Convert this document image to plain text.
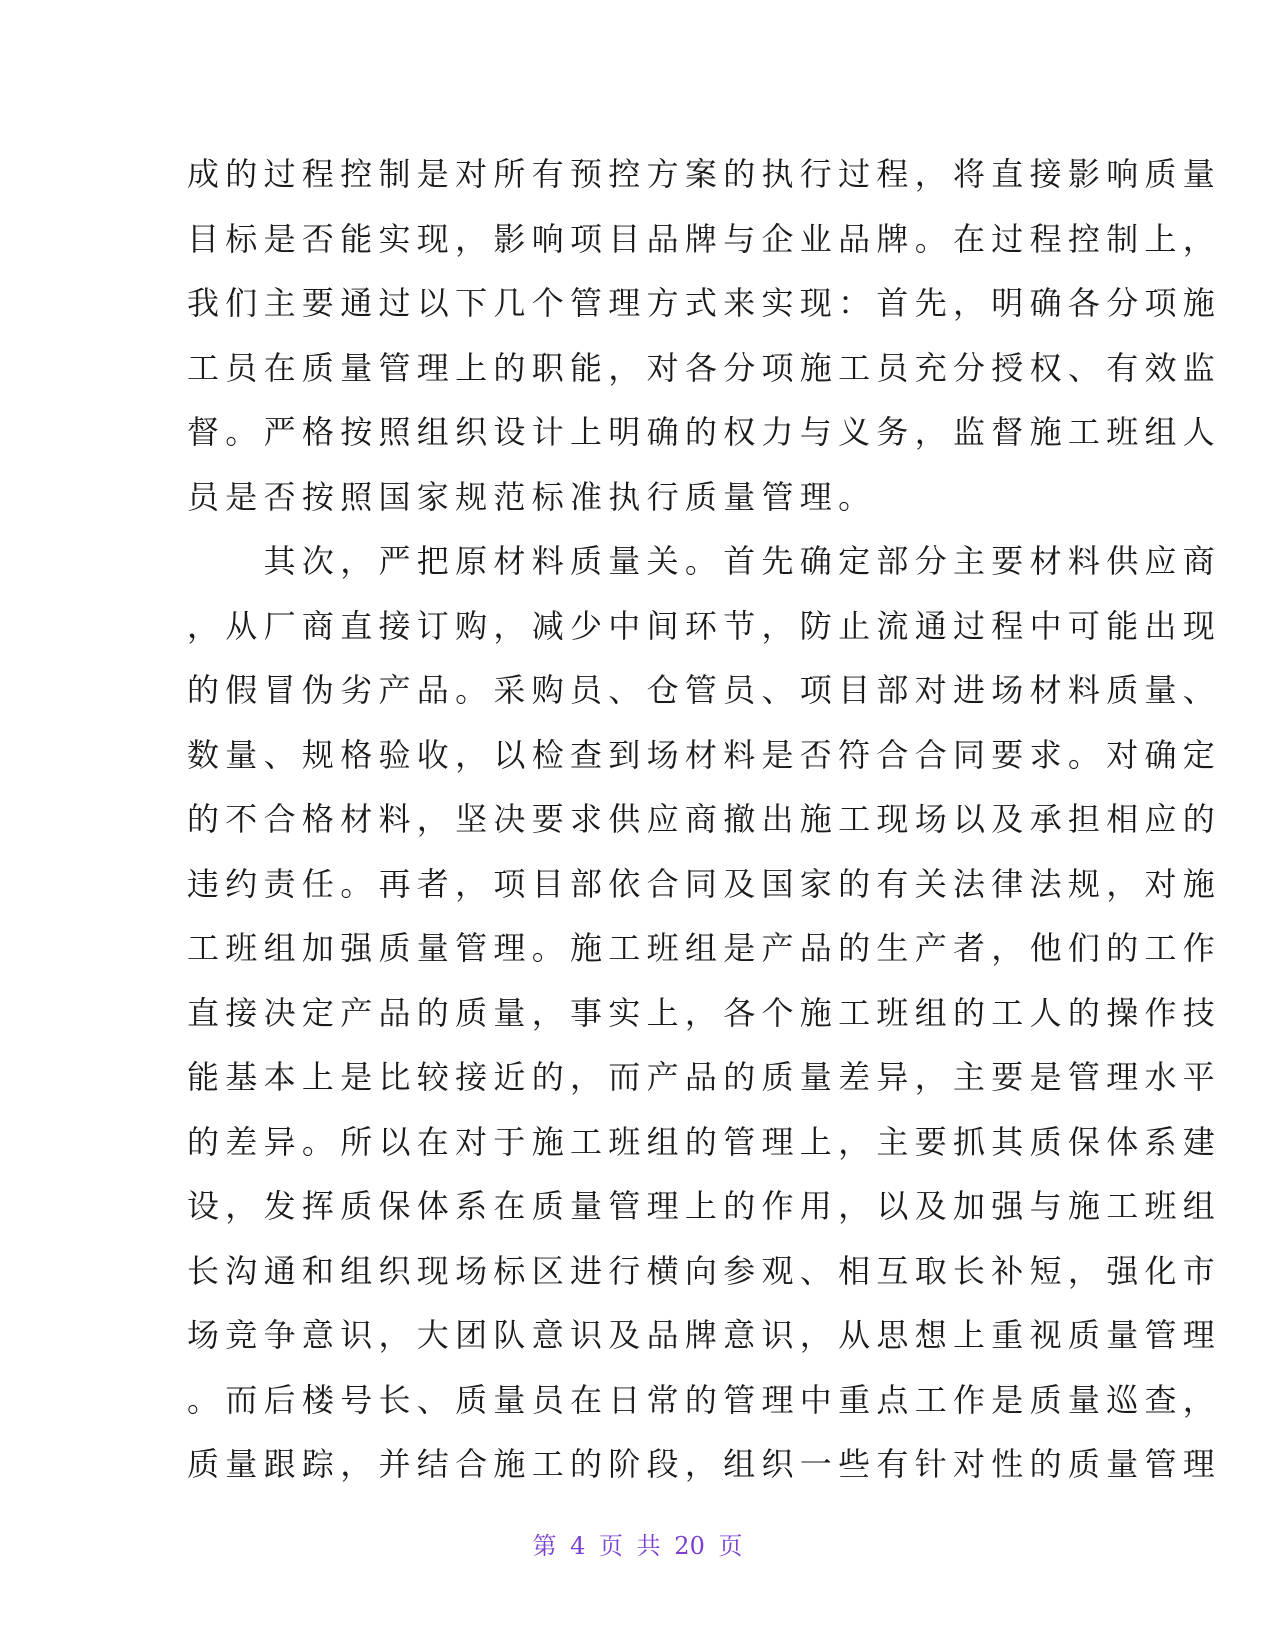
成的过程控制是对所有预控方案的执行过程，将直接影响质量
目标是否能实现，影响项目品牌与企业品牌。在过程控制上，
我们主要通过以下几个管理方式来实现：首先，明确各分项施
工员在质量管理上的职能，对各分项施工员充分授权、有效监
督。严格按照组织设计上明确的权力与义务，监督施工班组人
员是否按照国家规范标准执行质量管理。
　　其次，严把原材料质量关。首先确定部分主要材料供应商
，从厂商直接订购，减少中间环节，防止流通过程中可能出现
的假冒伪劣产品。采购员、仓管员、项目部对进场材料质量、
数量、规格验收，以检查到场材料是否符合合同要求。对确定
的不合格材料，坚决要求供应商撤出施工现场以及承担相应的
违约责任。再者，项目部依合同及国家的有关法律法规，对施
工班组加强质量管理。施工班组是产品的生产者，他们的工作
直接决定产品的质量，事实上，各个施工班组的工人的操作技
能基本上是比较接近的，而产品的质量差异，主要是管理水平
的差异。所以在对于施工班组的管理上，主要抓其质保体系建
设，发挥质保体系在质量管理上的作用，以及加强与施工班组
长沟通和组织现场标区进行横向参观、相互取长补短，强化市
场竞争意识，大团队意识及品牌意识，从思想上重视质量管理
。而后楼号长、质量员在日常的管理中重点工作是质量巡查，
质量跟踪，并结合施工的阶段，组织一些有针对性的质量管理
第 4 页 共 20 页
